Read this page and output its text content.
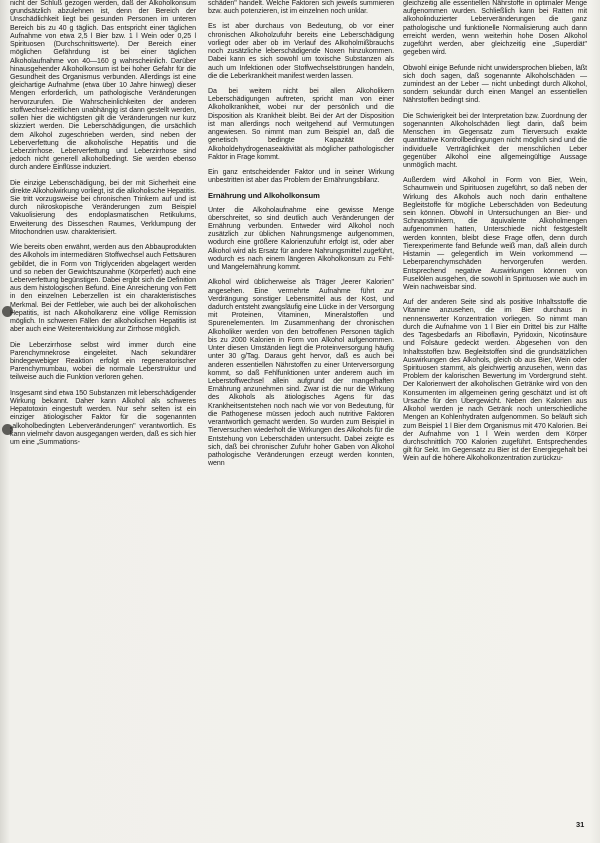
nicht der Schluß gezogen werden, daß der Alkoholkonsum grundsätzlich abzulehnen ist, denn der Bereich der Unschädlichkeit liegt bei gesunden Personen im unteren Bereich bis zu 40 g täglich. Das entspricht einer täglichen Aufnahme von etwa 2,5 l Bier bzw. 1 l Wein oder 0,25 l Spirituosen (Durchschnittswerte). Der Bereich einer möglichen Gefährdung ist bei einer täglichen Alkoholaufnahme von 40—160 g wahrscheinlich. Darüber hinausgehender Alkoholkonsum ist bei hoher Gefahr für die Gesundheit des Organismus verbunden. Allerdings ist eine gleichartige Aufnahme (etwa über 10 Jahre hinweg) dieser Mengen erforderlich, um pathologische Veränderungen hervorzurufen. Die Wahrscheinlichkeiten der anderen stoffwechsel-zeitlichen unabhängig ist dann gestellt werden, sollen hier die wichtigsten gilt die Veränderungen nur kurz skizziert werden. Die Leberschädigungen, die ursächlich dem Alkohol zugeschrieben werden, sind neben der Leberverfettung die alkoholische Hepatitis und die Leberzirrhose. Leberverfettung und Leberzirrhose sind jedoch nicht generell alkoholbedingt. Sie werden ebenso durch andere Einflüsse induziert.

Die einzige Lebenschädigung, bei der mit Sicherheit eine direkte Alkoholwirkung vorliegt, ist die alkoholische Hepatitis. Sie tritt vorzugsweise bei chronischen Trinkern auf und ist durch nikroskopische Veränderungen zum Beispiel Vakuolisierung des endoplasmatischen Retikulums, Erweiterung des Disseschen Raumes, Verklumpung der Mitochondrien usw. charakterisiert.

Wie bereits oben erwähnt, werden aus den Abbauprodukten des Alkohols im intermediären Stoffwechsel auch Fettsäuren gebildet, die in Form von Triglyceriden abgelagert werden und so neben der Gewichtszunahme (Körperfett) auch eine Leberverfettung begünstigen. Dabei ergibt sich die Definition aus dem histologischen Befund. Eine Anreicherung von Fett in den einzelnen Leberzellen ist ein charakteristisches Merkmal. Bei der Fettleber, wie auch bei der alkoholischen Hepatitis, ist nach Alkoholkarenz eine völlige Remission möglich. In schweren Fällen der alkoholischen Hepatitis ist aber auch eine Weiterentwicklung zur Zirrhose möglich.

Die Leberzirrhose selbst wird immer durch eine Parenchymnekrose eingeleitet. Nach sekundärer bindegewebiger Reaktion erfolgt ein regeneratorischer Parenchymumbau, wobei die normale Leberstruktur und teilweise auch die Funktion verloren gehen.

Insgesamt sind etwa 150 Substanzen mit leberschädigender Wirkung bekannt. Daher kann Alkohol als schweres Hepatotoxin eingestuft werden. Nur sehr selten ist ein einziger ätiologischer Faktor für die sogenannten „alkoholbedingten Leberveränderungen" verantwortlich. Es kann vielmehr davon ausgegangen werden, daß es sich hier um eine „Summations-

schäden" handelt. Welche Faktoren sich jeweils summieren bzw. auch potenzieren, ist im einzelnen noch unklar.

Es ist aber durchaus von Bedeutung, ob vor einer chronischen Alkoholzufuhr bereits eine Leberschädigung vorliegt oder aber ob im Verlauf des Alkoholmißbrauchs noch zusätzliche leberschädigende Noxen hinzukommen. Dabei kann es sich sowohl um toxische Substanzen als auch um Infektionen oder Stoffwechselstörungen handeln, die die Leberkrankheit manifest werden lassen.

Da bei weitem nicht bei allen Alkoholikern Leberschädigungen auftreten, spricht man von einer Alkoholkrankheit, wobei nur der persönlich und die Disposition als Krankheit bleibt. Bei der Art der Disposition ist man allerdings noch weitgehend auf Vermutungen angewiesen. So nimmt man zum Beispiel an, daß die genetisch bedingte Kapazität der Alkoholdehydrogenaseaktivität als möglicher pathologischer Faktor in Frage kommt.

Ein ganz entscheidender Faktor und in seiner Wirkung unbestritten ist aber das Problem der Ernährungsbilanz.

Ernährung und Alkoholkonsum

Unter die Alkoholaufnahme eine gewisse Menge überschreitet, so sind deutlich auch Veränderungen der Ernährung verbunden. Entweder wird Alkohol noch zusätzlich zur üblichen Nahrungsmenge aufgenommen, wodurch eine größere Kalorienzufuhr erfolgt ist, oder aber Alkohol wird als Ersatz für andere Nahrungsmittel zugeführt, wodurch es nach einem längeren Alkoholkonsum zu Fehl- und Mangelernährung kommt.

Alkohol wird üblicherweise als Träger „leerer Kalorien" angesehen. Eine vermehrte Aufnahme führt zur Verdrängung sonstiger Lebensmittel aus der Kost, und dadurch entsteht zwangsläufig eine Lücke in der Versorgung mit Proteinen, Vitaminen, Mineralstoffen und Spurenelementen. Im Zusammenhang der chronischen Alkoholiker werden von den betroffenen Personen täglich bis zu 2000 Kalorien in Form von Alkohol aufgenommen. Unter diesen Umständen liegt die Proteinversorgung häufig unter 30 g/Tag. Daraus geht hervor, daß es auch bei anderen essentiellen Nährstoffen zu einer Unterversorgung kommt, so daß Fehlfunktionen unter anderem auch im Leberstoffwechsel allein aufgrund der mangelhaften Ernährung anzunehmen sind. Zwar ist die nur die Wirkung des Alkohols als ätiologisches Agens für das Krankheitsentstehen noch nach wie vor von Bedeutung, für die Pathogenese müssen jedoch auch nutritive Faktoren verantwortlich gemacht werden. So wurden zum Beispiel in Tierversuchen wiederholt die Wirkungen des Alkohols für die Entstehung von Leberschäden untersucht. Dabei zeigte es sich, daß bei chronischer Zufuhr hoher Gaben von Alkohol pathologische Veränderungen erzeugt werden konnten, wenn

gleichzeitig alle essentiellen Nährstoffe in optimaler Menge aufgenommen wurden. Schließlich kann bei Ratten mit alkoholinduzierter Leberveränderungen die ganz pathologische und funktionelle Normalisierung auch dann erreicht werden, wenn weiterhin hohe Dosen Alkohol zugeführt werden, aber gleichzeitig eine „Superdiät" gegeben wird.

Obwohl einige Befunde nicht unwidersprochen blieben, läßt sich doch sagen, daß sogenannte Alkoholschäden — zumindest an der Leber — nicht unbedingt durch Alkohol, sondern sekundär durch einen Mangel an essentiellen Nährstoffen bedingt sind.

Die Schwierigkeit bei der Interpretation bzw. Zuordnung der sogenannten Alkoholschäden liegt darin, daß beim Menschen im Gegensatz zum Tierversuch exakte quantitative Kontrollbedingungen nicht möglich sind und die individuelle Verträglichkeit der menschlichen Leber gegenüber Alkohol eine allgemeingültige Aussage unmöglich macht.

Außerdem wird Alkohol in Form von Bier, Wein, Schaumwein und Spirituosen zugeführt, so daß neben der Wirkung des Alkohols auch noch darin enthaltene Begleitstoffe für mögliche Leberschäden von Bedeutung sein können. Obwohl in Untersuchungen an Bier- und Schnapstrinkern, die äquivalente Alkoholmengen aufgenommen hatten, Unterschiede nicht festgestellt werden konnten, bleibt diese Frage offen, denn durch Tierexperimente fand Befunde weiß man, daß allein durch Histamin — gelegentlich im Wein vorkommend — Leberparenchymschäden hervorgerufen werden. Entsprechend negative Auswirkungen können von Fuselölen ausgehen, die sowohl in Spirituosen wie auch im Wein nachweisbar sind.

Auf der anderen Seite sind als positive Inhaltsstoffe die Vitamine anzusehen, die im Bier durchaus in nennenswerter Konzentration vorliegen. So nimmt man durch die Aufnahme von 1 l Bier ein Drittel bis zur Hälfte des Tagesbedarfs an Riboflavin, Pyridoxin, Nicotinsäure und Folsäure gedeckt werden. Abgesehen von den Inhaltsstoffen bzw. Begleitstoffen sind die grundsätzlichen Auswirkungen des Alkohols, gleich ob aus Bier, Wein oder Spirituosen stammt, als gleichwertig anzusehen, wenn das Problem der kalorischen Bewertung im Vordergrund steht. Der Kalorienwert der alkoholischen Getränke wird von den Konsumenten im allgemeinen gering geschätzt und ist oft Ursache für den Übergewicht. Neben den Kalorien aus Alkohol werden je nach Getränk noch unterschiedliche Mengen an Kohlenhydraten aufgenommen. So beläuft sich zum Beispiel 1 l Bier dem Organismus mit 470 Kalorien. Bei der Aufnahme von 1 l Wein werden dem Körper durchschnittlich 700 Kalorien zugeführt. Entsprechendes gilt für Sekt. Im Gegensatz zu Bier ist der Energiegehalt bei Wein auf die höhere Alkoholkonzentration zurückzu-

31
